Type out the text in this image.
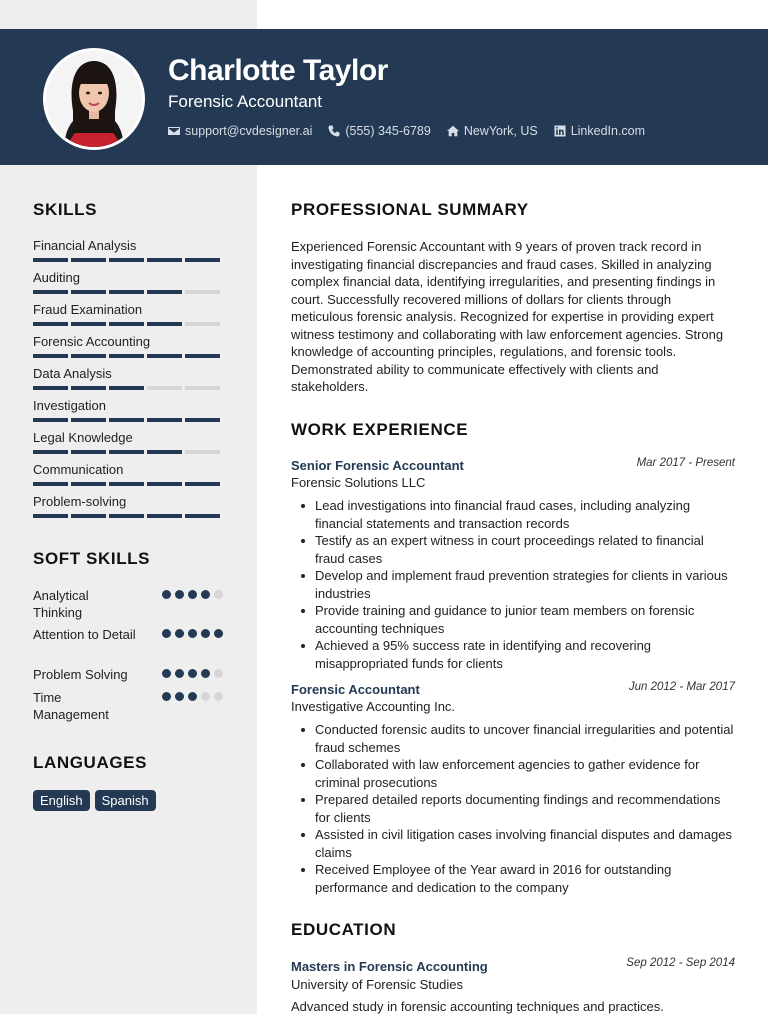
Charlotte Taylor
Forensic Accountant
support@cvdesigner.ai	(555) 345-6789	NewYork, US	LinkedIn.com
SKILLS
Financial Analysis
Auditing
Fraud Examination
Forensic Accounting
Data Analysis
Investigation
Legal Knowledge
Communication
Problem-solving
SOFT SKILLS
Analytical Thinking
Attention to Detail
Problem Solving
Time Management
LANGUAGES
English	Spanish
PROFESSIONAL SUMMARY
Experienced Forensic Accountant with 9 years of proven track record in investigating financial discrepancies and fraud cases. Skilled in analyzing complex financial data, identifying irregularities, and presenting findings in court. Successfully recovered millions of dollars for clients through meticulous forensic analysis. Recognized for expertise in providing expert witness testimony and collaborating with law enforcement agencies. Strong knowledge of accounting principles, regulations, and forensic tools. Demonstrated ability to communicate effectively with clients and stakeholders.
WORK EXPERIENCE
Senior Forensic Accountant	Mar 2017 - Present
Forensic Solutions LLC
Lead investigations into financial fraud cases, including analyzing financial statements and transaction records
Testify as an expert witness in court proceedings related to financial fraud cases
Develop and implement fraud prevention strategies for clients in various industries
Provide training and guidance to junior team members on forensic accounting techniques
Achieved a 95% success rate in identifying and recovering misappropriated funds for clients
Forensic Accountant	Jun 2012 - Mar 2017
Investigative Accounting Inc.
Conducted forensic audits to uncover financial irregularities and potential fraud schemes
Collaborated with law enforcement agencies to gather evidence for criminal prosecutions
Prepared detailed reports documenting findings and recommendations for clients
Assisted in civil litigation cases involving financial disputes and damages claims
Received Employee of the Year award in 2016 for outstanding performance and dedication to the company
EDUCATION
Masters in Forensic Accounting	Sep 2012 - Sep 2014
University of Forensic Studies
Advanced study in forensic accounting techniques and practices.
